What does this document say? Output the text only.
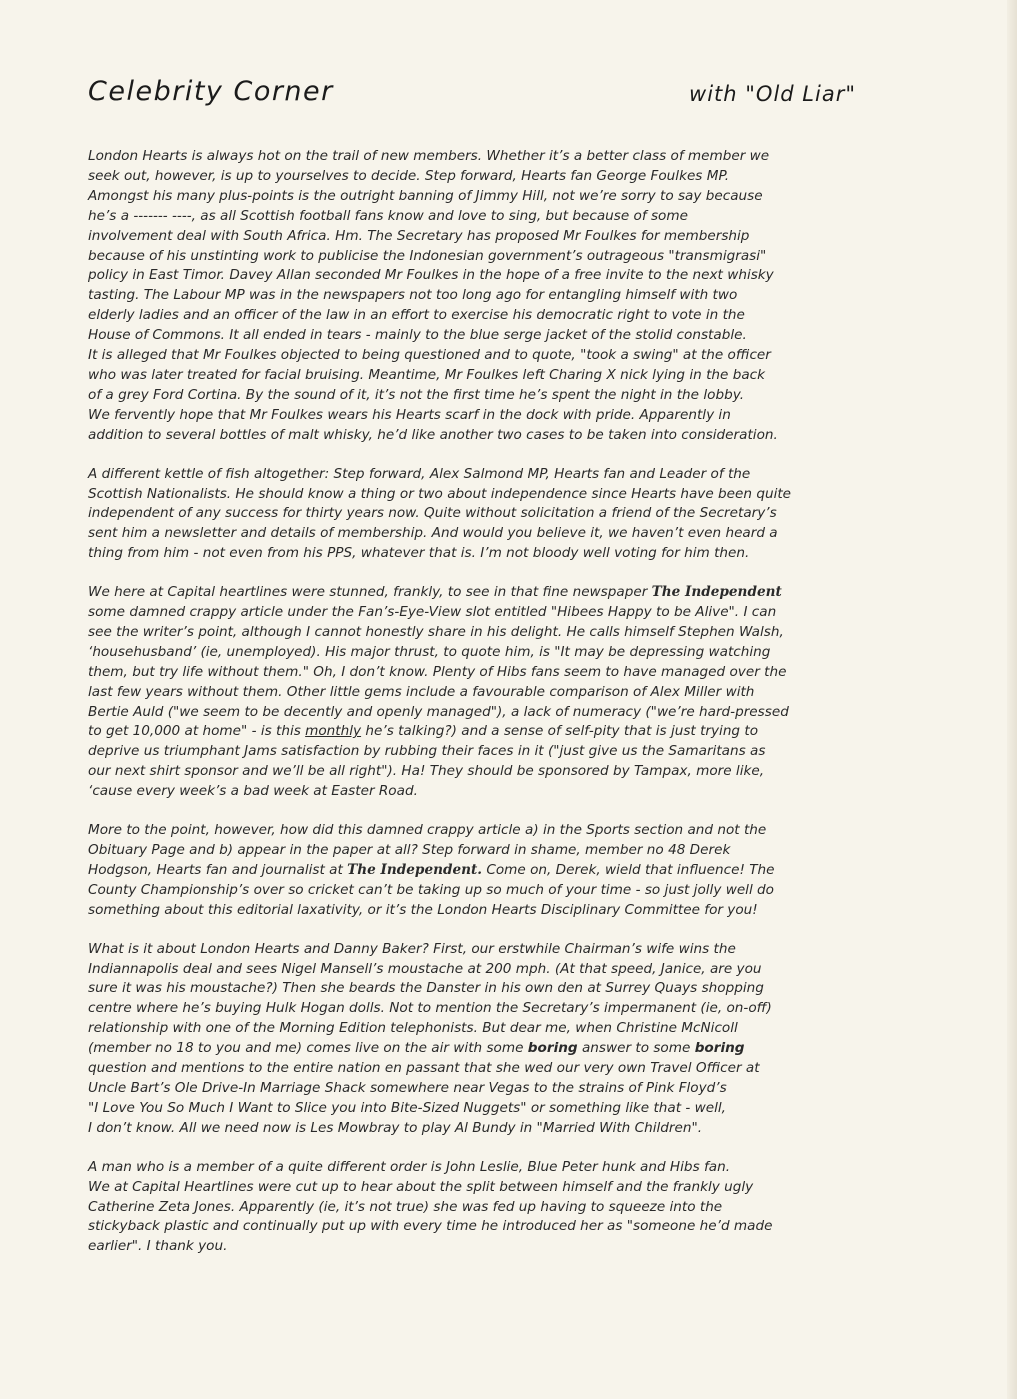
Celebrity Corner	with "Old Liar"
London Hearts is always hot on the trail of new members. Whether it’s a better class of member we
seek out, however, is up to yourselves to decide. Step forward, Hearts fan George Foulkes MP.
Amongst his many plus-points is the outright banning of Jimmy Hill, not we’re sorry to say because
he’s a ------- ----, as all Scottish football fans know and love to sing, but because of some
involvement deal with South Africa. Hm. The Secretary has proposed Mr Foulkes for membership
because of his unstinting work to publicise the Indonesian government’s outrageous "transmigrasi"
policy in East Timor. Davey Allan seconded Mr Foulkes in the hope of a free invite to the next whisky
tasting. The Labour MP was in the newspapers not too long ago for entangling himself with two
elderly ladies and an officer of the law in an effort to exercise his democratic right to vote in the
House of Commons. It all ended in tears - mainly to the blue serge jacket of the stolid constable.
It is alleged that Mr Foulkes objected to being questioned and to quote, "took a swing" at the officer
who was later treated for facial bruising. Meantime, Mr Foulkes left Charing X nick lying in the back
of a grey Ford Cortina. By the sound of it, it’s not the first time he’s spent the night in the lobby.
We fervently hope that Mr Foulkes wears his Hearts scarf in the dock with pride. Apparently in
addition to several bottles of malt whisky, he’d like another two cases to be taken into consideration.
A different kettle of fish altogether: Step forward, Alex Salmond MP, Hearts fan and Leader of the
Scottish Nationalists. He should know a thing or two about independence since Hearts have been quite
independent of any success for thirty years now. Quite without solicitation a friend of the Secretary’s
sent him a newsletter and details of membership. And would you believe it, we haven’t even heard a
thing from him - not even from his PPS, whatever that is. I’m not bloody well voting for him then.
We here at Capital heartlines were stunned, frankly, to see in that fine newspaper The Independent
some damned crappy article under the Fan’s-Eye-View slot entitled "Hibees Happy to be Alive". I can
see the writer’s point, although I cannot honestly share in his delight. He calls himself Stephen Walsh,
‘househusband’ (ie, unemployed). His major thrust, to quote him, is "It may be depressing watching
them, but try life without them." Oh, I don’t know. Plenty of Hibs fans seem to have managed over the
last few years without them. Other little gems include a favourable comparison of Alex Miller with
Bertie Auld ("we seem to be decently and openly managed"), a lack of numeracy ("we’re hard-pressed
to get 10,000 at home" - is this monthly he’s talking?) and a sense of self-pity that is just trying to
deprive us triumphant Jams satisfaction by rubbing their faces in it ("just give us the Samaritans as
our next shirt sponsor and we’ll be all right"). Ha! They should be sponsored by Tampax, more like,
‘cause every week’s a bad week at Easter Road.
More to the point, however, how did this damned crappy article a) in the Sports section and not the
Obituary Page and b) appear in the paper at all? Step forward in shame, member no 48 Derek
Hodgson, Hearts fan and journalist at The Independent. Come on, Derek, wield that influence! The
County Championship’s over so cricket can’t be taking up so much of your time - so just jolly well do
something about this editorial laxativity, or it’s the London Hearts Disciplinary Committee for you!
What is it about London Hearts and Danny Baker? First, our erstwhile Chairman’s wife wins the
Indiannapolis deal and sees Nigel Mansell’s moustache at 200 mph. (At that speed, Janice, are you
sure it was his moustache?) Then she beards the Danster in his own den at Surrey Quays shopping
centre where he’s buying Hulk Hogan dolls. Not to mention the Secretary’s impermanent (ie, on-off)
relationship with one of the Morning Edition telephonists. But dear me, when Christine McNicoll
(member no 18 to you and me) comes live on the air with some boring answer to some boring
question and mentions to the entire nation en passant that she wed our very own Travel Officer at
Uncle Bart’s Ole Drive-In Marriage Shack somewhere near Vegas to the strains of Pink Floyd’s
"I Love You So Much I Want to Slice you into Bite-Sized Nuggets" or something like that - well,
I don’t know. All we need now is Les Mowbray to play Al Bundy in "Married With Children".
A man who is a member of a quite different order is John Leslie, Blue Peter hunk and Hibs fan.
We at Capital Heartlines were cut up to hear about the split between himself and the frankly ugly
Catherine Zeta Jones. Apparently (ie, it’s not true) she was fed up having to squeeze into the
stickyback plastic and continually put up with every time he introduced her as "someone he’d made
earlier". I thank you.
